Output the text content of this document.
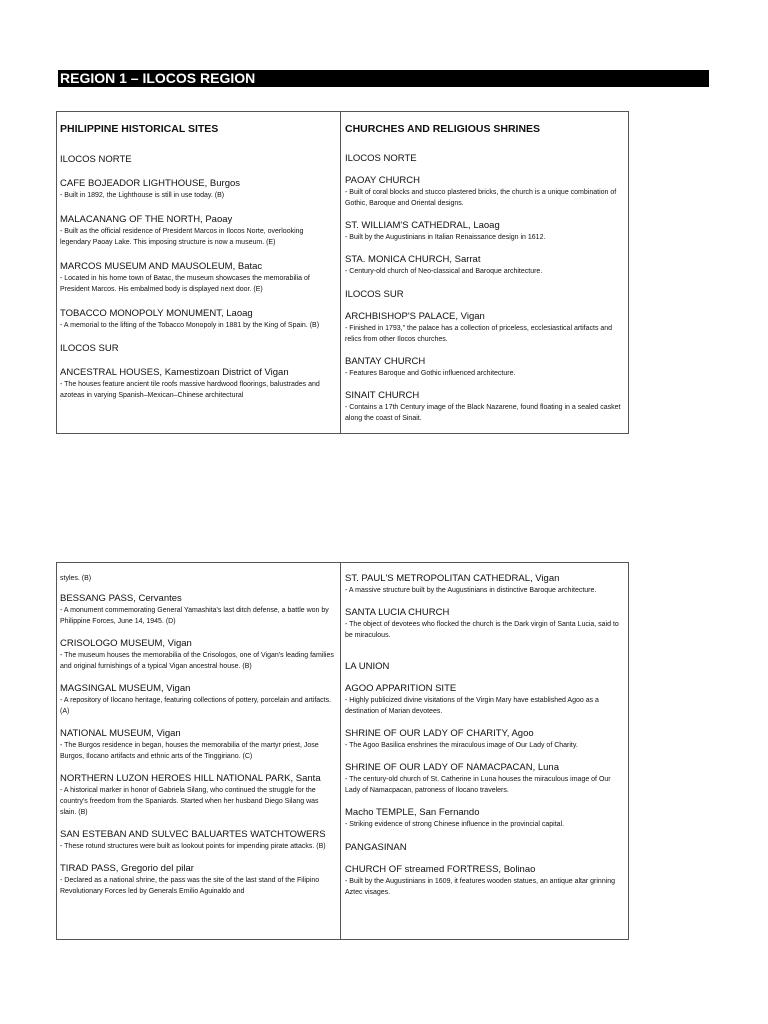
REGION 1 – ILOCOS REGION
PHILIPPINE HISTORICAL SITES
ILOCOS NORTE
CAFE BOJEADOR LIGHTHOUSE, Burgos
- Built in 1892, the Lighthouse is still in use today. (B)
MALACANANG OF THE NORTH, Paoay
- Built as the official residence of President Marcos in Ilocos Norte, overlooking legendary Paoay Lake. This imposing structure is now a museum. (E)
MARCOS MUSEUM AND MAUSOLEUM, Batac
- Located in his home town of Batac, the museum showcases the memorabilia of President Marcos. His embalmed body is displayed next door. (E)
TOBACCO MONOPOLY MONUMENT, Laoag
- A memorial to the lifting of the Tobacco Monopoly in 1881 by the King of Spain. (B)
ILOCOS SUR
ANCESTRAL HOUSES, Kamestizoan District of Vigan
- The houses feature ancient tile roofs massive hardwood floorings, balustrades and azoteas in varying Spanish–Mexican–Chinese architectural
CHURCHES AND RELIGIOUS SHRINES
ILOCOS NORTE
PAOAY CHURCH
- Built of coral blocks and stucco plastered bricks, the church is a unique combination of Gothic, Baroque and Oriental designs.
ST. WILLIAM'S CATHEDRAL, Laoag
- Built by the Augustinians in Italian Renaissance design in 1612.
STA. MONICA CHURCH, Sarrat
- Century-old church of Neo-classical and Baroque architecture.
ILOCOS SUR
ARCHBISHOP'S PALACE, Vigan
- Finished in 1793," the palace has a collection of priceless, ecclesiastical artifacts and relics from other Ilocos churches.
BANTAY CHURCH
- Features Baroque and Gothic influenced architecture.
SINAIT CHURCH
- Contains a 17th Century image of the Black Nazarene, found floating in a sealed casket along the coast of Sinait.
styles. (B)
BESSANG PASS, Cervantes
- A monument commemorating General Yamashita's last ditch defense, a battle won by Philippine Forces, June 14, 1945. (D)
CRISOLOGO MUSEUM, Vigan
- The museum houses the memorabilia of the Crisologos, one of Vigan's leading families and original furnishings of a typical Vigan ancestral house. (B)
MAGSINGAL MUSEUM, Vigan
- A repository of Ilocano heritage, featuring collections of pottery, porcelain and artifacts. (A)
NATIONAL MUSEUM, Vigan
- The Burgos residence in began, houses the memorabilia of the martyr priest, Jose Burgos, Ilocano artifacts and ethnic arts of the Tinggiriano. (C)
NORTHERN LUZON HEROES HILL NATIONAL PARK, Santa
- A historical marker in honor of Gabriela Silang, who continued the struggle for the country's freedom from the Spaniards. Started when her husband Diego Silang was slain. (B)
SAN ESTEBAN AND SULVEC BALUARTES WATCHTOWERS
- These rotund structures were built as lookout points for impending pirate attacks. (B)
TIRAD PASS, Gregorio del pilar
- Declared as a national shrine, the pass was the site of the last stand of the Filipino Revolutionary Forces led by Generals Emilio Aguinaldo and
ST. PAUL'S METROPOLITAN CATHEDRAL, Vigan
- A massive structure built by the Augustinians in distinctive Baroque architecture.
SANTA LUCIA CHURCH
- The object of devotees who flocked the church is the Dark virgin of Santa Lucia, said to be miraculous.
LA UNION
AGOO APPARITION SITE
- Highly publicized divine visitations of the Virgin Mary have established Agoo as a destination of Marian devotees.
SHRINE OF OUR LADY OF CHARITY, Agoo
- The Agoo Basilica enshrines the miraculous image of Our Lady of Charity.
SHRINE OF OUR LADY OF NAMACPACAN, Luna
- The century-old church of St. Catherine in Luna houses the miraculous image of Our Lady of Namacpacan, patroness of Ilocano travelers.
Macho TEMPLE, San Fernando
- Striking evidence of strong Chinese influence in the provincial capital.
PANGASINAN
CHURCH OF streamed FORTRESS, Bolinao
- Built by the Augustinians in 1609, it features wooden statues, an antique altar grinning Aztec visages.
